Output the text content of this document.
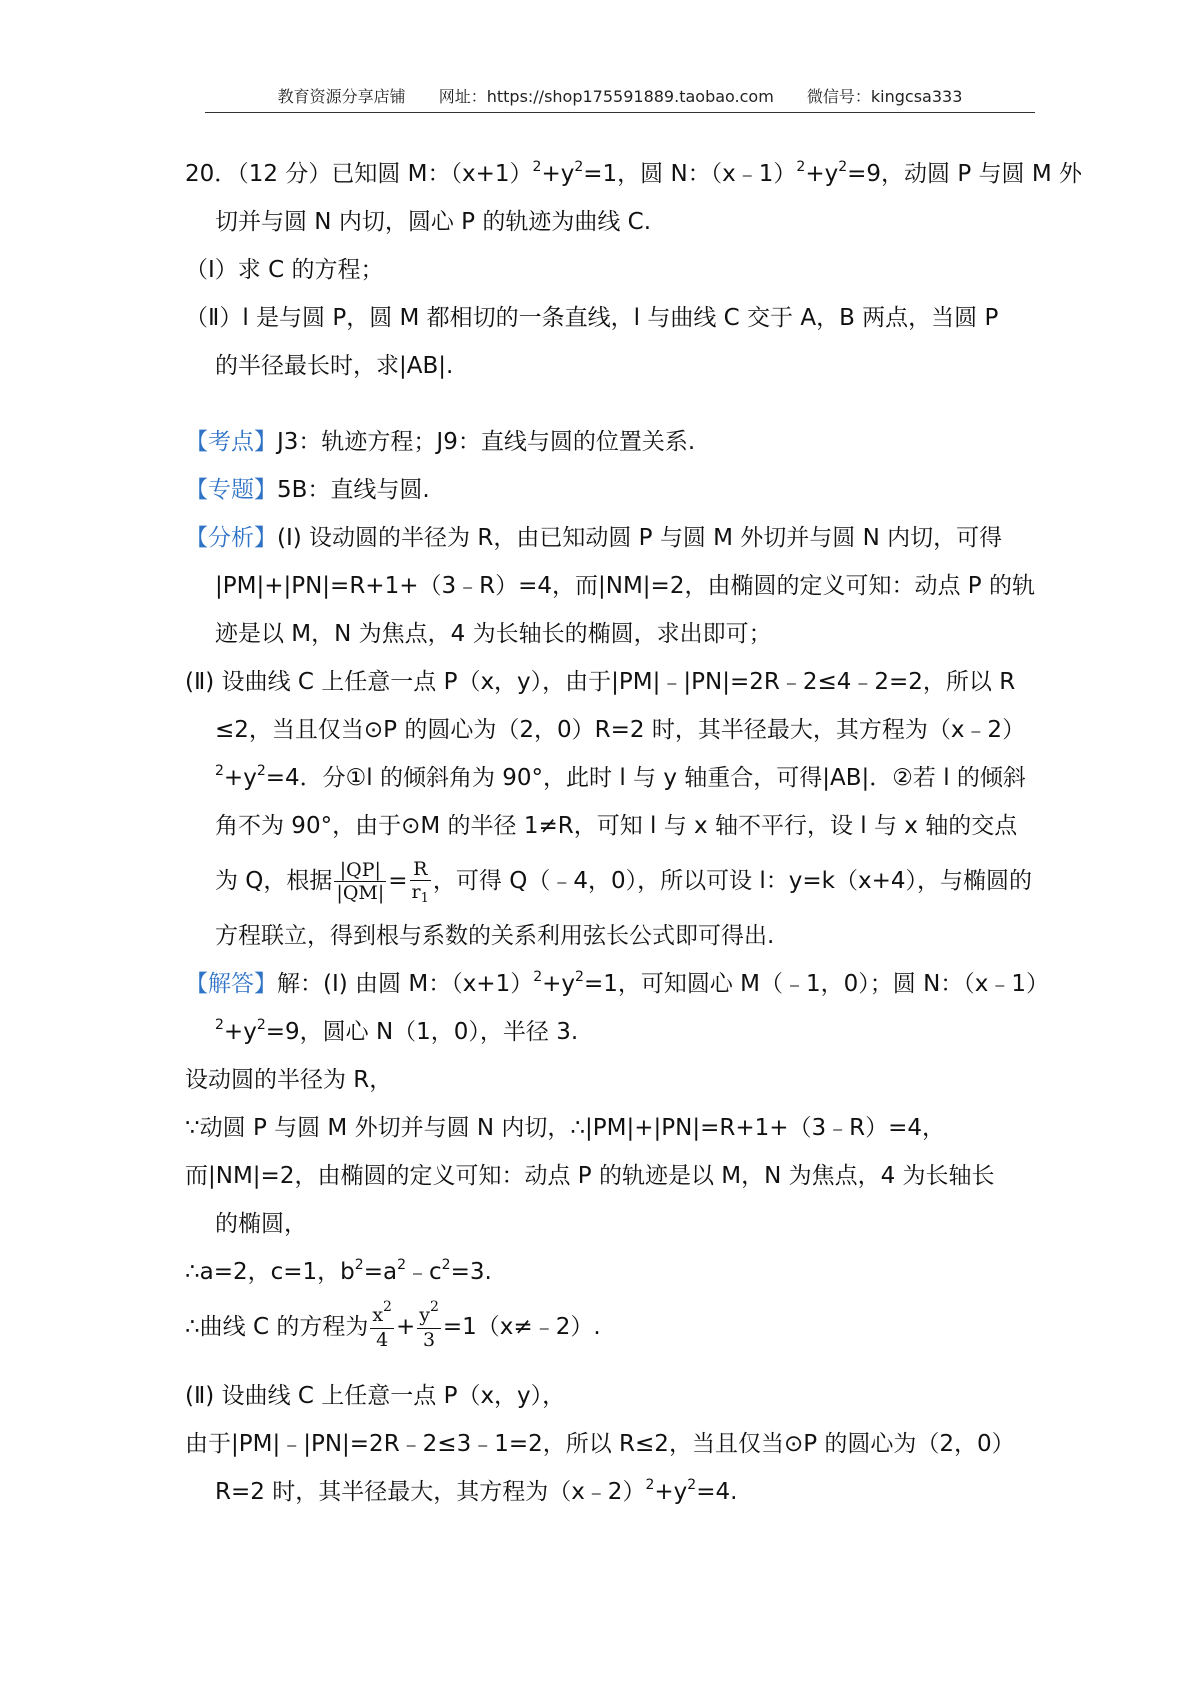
教育资源分享店铺 网址：https://shop175591889.taobao.com 微信号：kingcsa333
20．（12 分）已知圆 M：$(x+1)^2+y^2=1$，圆 N：$(x﹣1)^2+y^2=9$，动圆 P 与圆 M 外
切并与圆 N 内切，圆心 P 的轨迹为曲线 C.
（Ⅰ）求 C 的方程；
（Ⅱ）l 是与圆 P，圆 M 都相切的一条直线，l 与曲线 C 交于 A，B 两点，当圆 P
的半径最长时，求|AB|.
【考点】J3：轨迹方程；J9：直线与圆的位置关系.
【专题】5B：直线与圆.
【分析】(Ⅰ) 设动圆的半径为 R，由已知动圆 P 与圆 M 外切并与圆 N 内切，可得
|PM|+|PN|=R+1+（3﹣R）=4，而|NM|=2，由椭圆的定义可知：动点 P 的轨
迹是以 M，N 为焦点，4 为长轴长的椭圆，求出即可；
(Ⅱ) 设曲线 C 上任意一点 P（x，y），由于|PM|﹣|PN|=2R﹣2≤4﹣2=2，所以 R
≤2，当且仅当⊙P 的圆心为（2，0）R=2 时，其半径最大，其方程为（x﹣2）
$^2+y^2=4$．分①l 的倾斜角为 90°，此时 l 与 y 轴重合，可得|AB|．②若 l 的倾斜
角不为 90°，由于⊙M 的半径 1≠R，可知 l 与 x 轴不平行，设 l 与 x 轴的交点
为 Q，根据 $\frac{|QP|}{|QM|} = \frac{R}{r_1}$ ，可得 Q（﹣4，0），所以可设 l：y=k（x+4），与椭圆的
方程联立，得到根与系数的关系利用弦长公式即可得出.
【解答】解：(Ⅰ) 由圆 M：$(x+1)^2+y^2=1$，可知圆心 M（﹣1，0）；圆 N：（x﹣1）
$^2+y^2=9$，圆心 N（1，0），半径 3.
设动圆的半径为 R，
∵动圆 P 与圆 M 外切并与圆 N 内切，∴|PM|+|PN|=R+1+（3﹣R）=4，
而|NM|=2，由椭圆的定义可知：动点 P 的轨迹是以 M，N 为焦点，4 为长轴长
的椭圆，
∴a=2，c=1，$b^2=a^2﹣c^2=3$.
∴曲线 C 的方程为 $\frac{x^2}{4} + \frac{y^2}{3}$ =1（x≠﹣2）.
(Ⅱ) 设曲线 C 上任意一点 P（x，y），
由于|PM|﹣|PN|=2R﹣2≤3﹣1=2，所以 R≤2，当且仅当⊙P 的圆心为（2，0）
R=2 时，其半径最大，其方程为$(x﹣2)^2+y^2=4$.
